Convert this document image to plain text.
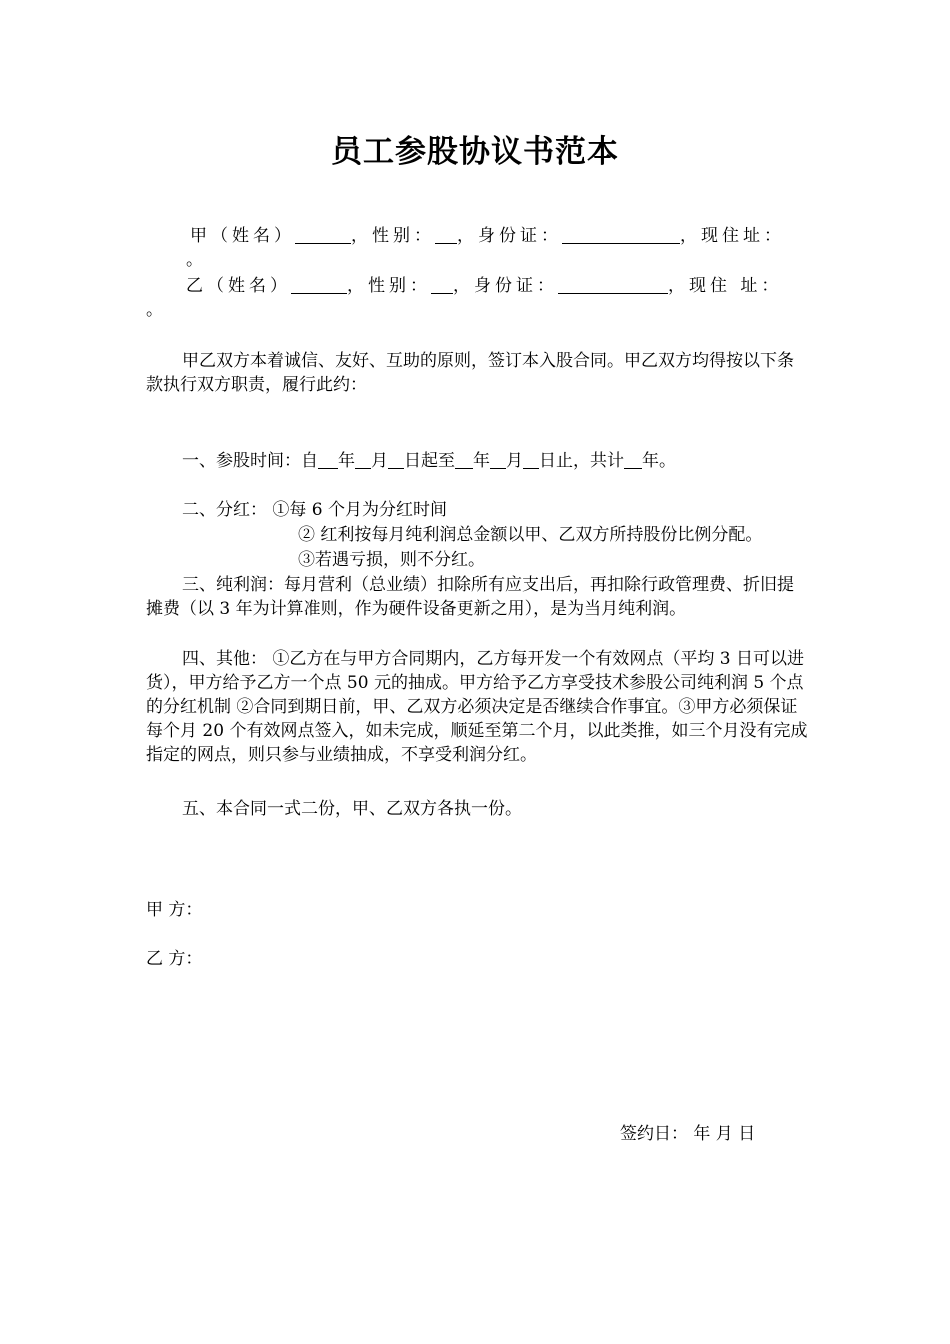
员工参股协议书范本
甲（姓名）	，性别： ，身份证：	，现住址：
。
乙（姓名）	，性别： ，身份证：	，现住 址：
。
甲乙双方本着诚信、友好、互助的原则，签订本入股合同。甲乙双方均得按以下条款执行双方职责，履行此约：
一、参股时间：自 年 月 日起至 年 月 日止，共计 年。
二、分红： ①每 6 个月为分红时间
② 红利按每月纯利润总金额以甲、乙双方所持股份比例分配。
③若遇亏损，则不分红。
三、纯利润：每月营利（总业绩）扣除所有应支出后，再扣除行政管理费、折旧提摊费（以 3 年为计算准则，作为硬件设备更新之用），是为当月纯利润。
四、其他： ①乙方在与甲方合同期内，乙方每开发一个有效网点（平均 3 日可以进货），甲方给予乙方一个点 50 元的抽成。甲方给予乙方享受技术参股公司纯利润 5 个点的分红机制 ②合同到期日前，甲、乙双方必须决定是否继续合作事宜。③甲方必须保证每个月 20 个有效网点签入，如未完成，顺延至第二个月，以此类推，如三个月没有完成指定的网点，则只参与业绩抽成，不享受利润分红。
五、本合同一式二份，甲、乙双方各执一份。
甲 方：
乙 方：
签约日： 年 月 日
